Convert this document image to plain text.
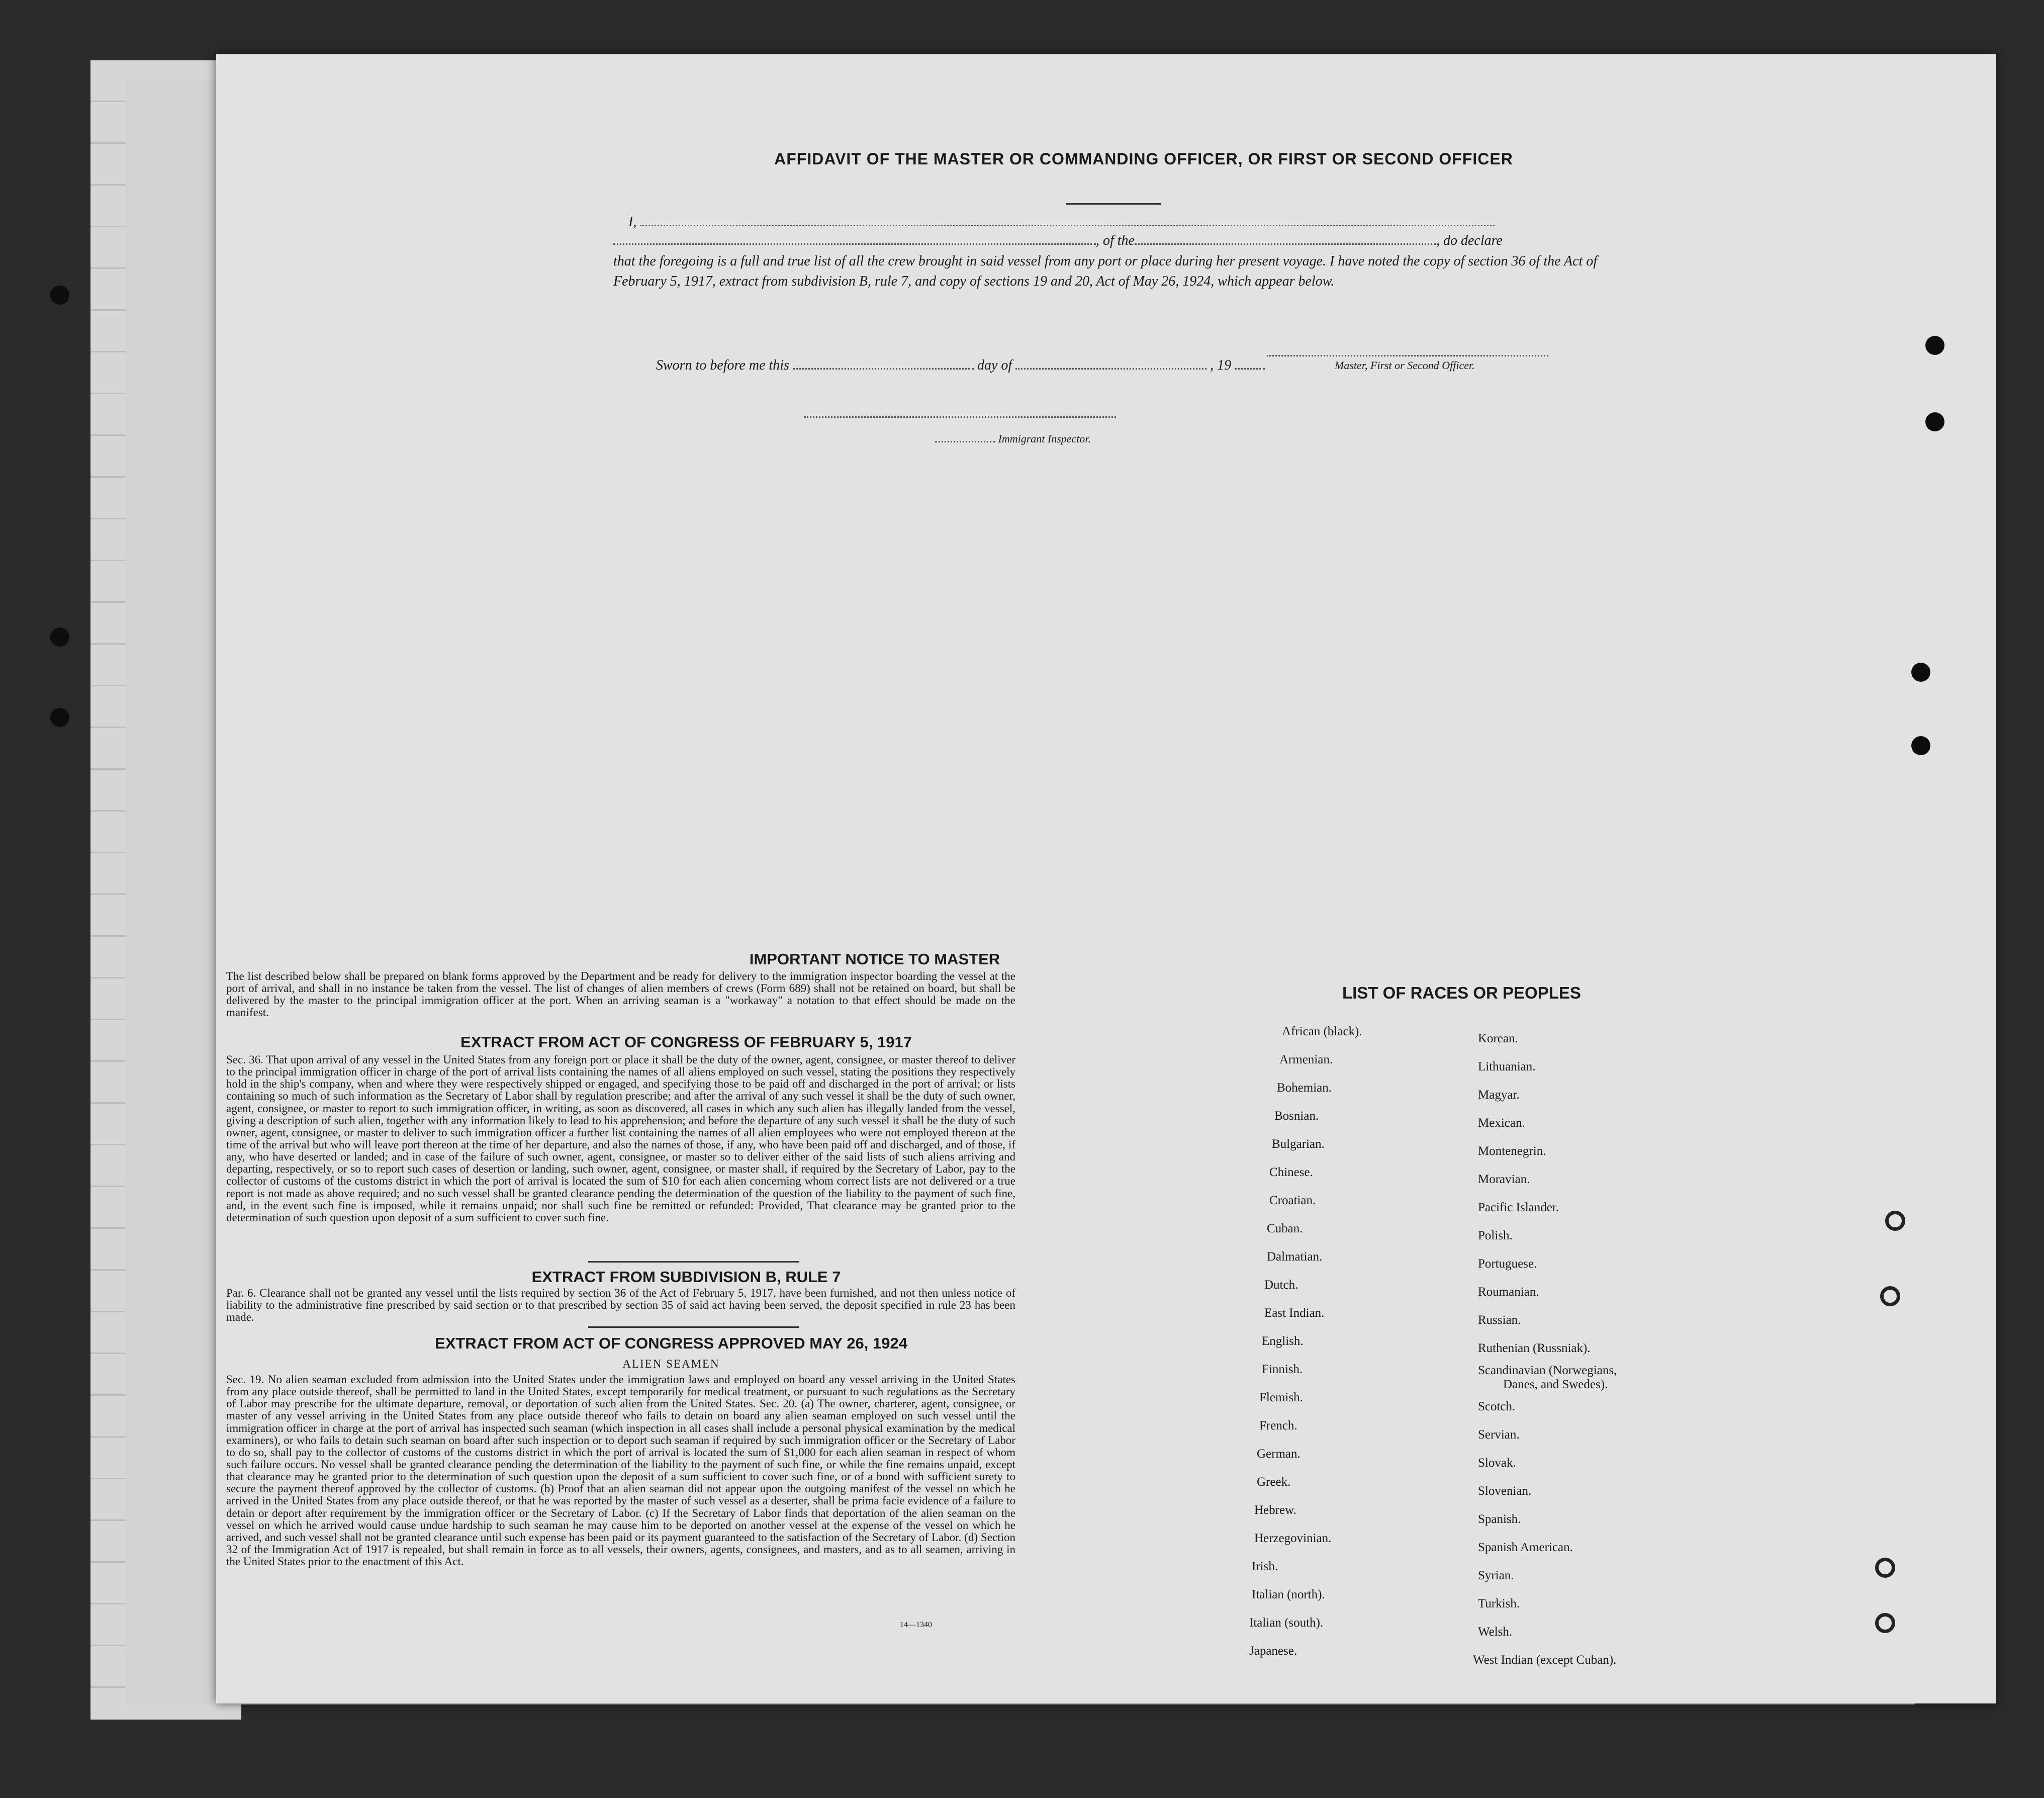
AFFIDAVIT OF THE MASTER OR COMMANDING OFFICER, OR FIRST OR SECOND OFFICER
I,
, of the	, do declare
Sworn to before me this	day of	, 19	Master, First or Second Officer.
Immigrant Inspector.
IMPORTANT NOTICE TO MASTER
The list described below shall be prepared on blank forms approved by the Department and be ready for delivery to the immigration inspector boarding the vessel at the port of arrival, and shall in no instance be taken from the vessel. The list of changes of alien members of crews (Form 689) shall not be retained on board, but shall be delivered by the master to the principal immigration officer at the port. When an arriving seaman is a "workaway" a notation to that effect should be made on the manifest.
EXTRACT FROM ACT OF CONGRESS OF FEBRUARY 5, 1917
Sec. 36. That upon arrival of any vessel in the United States from any foreign port or place it shall be the duty of the owner, agent, consignee, or master thereof to deliver to the principal immigration officer in charge of the port of arrival lists containing the names of all aliens employed on such vessel, stating the positions they respectively hold in the ship's company, when and where they were respectively shipped or engaged, and specifying those to be paid off and discharged in the port of arrival; or lists containing so much of such information as the Secretary of Labor shall by regulation prescribe; and after the arrival of any such vessel it shall be the duty of such owner, agent, consignee, or master to report to such immigration officer, in writing, as soon as discovered, all cases in which any such alien has illegally landed from the vessel, giving a description of such alien, together with any information likely to lead to his apprehension; and before the departure of any such vessel it shall be the duty of such owner, agent, consignee, or master to deliver to such immigration officer a further list containing the names of all alien employees who were not employed thereon at the time of the arrival but who will leave port thereon at the time of her departure, and also the names of those, if any, who have been paid off and discharged, and of those, if any, who have deserted or landed; and in case of the failure of such owner, agent, consignee, or master so to deliver either of the said lists of such aliens arriving and departing, respectively, or so to report such cases of desertion or landing, such owner, agent, consignee, or master shall, if required by the Secretary of Labor, pay to the collector of customs of the customs district in which the port of arrival is located the sum of $10 for each alien concerning whom correct lists are not delivered or a true report is not made as above required; and no such vessel shall be granted clearance pending the determination of the question of the liability to the payment of such fine, and, in the event such fine is imposed, while it remains unpaid; nor shall such fine be remitted or refunded: Provided, That clearance may be granted prior to the determination of such question upon deposit of a sum sufficient to cover such fine.
EXTRACT FROM SUBDIVISION B, RULE 7
Par. 6. Clearance shall not be granted any vessel until the lists required by section 36 of the Act of February 5, 1917, have been furnished, and not then unless notice of liability to the administrative fine prescribed by said section or to that prescribed by section 35 of said act having been served, the deposit specified in rule 23 has been made.
EXTRACT FROM ACT OF CONGRESS APPROVED MAY 26, 1924
ALIEN SEAMEN
Sec. 19. No alien seaman excluded from admission into the United States under the immigration laws and employed on board any vessel arriving in the United States from any place outside thereof, shall be permitted to land in the United States, except temporarily for medical treatment, or pursuant to such regulations as the Secretary of Labor may prescribe for the ultimate departure, removal, or deportation of such alien from the United States. Sec. 20. (a) The owner, charterer, agent, consignee, or master of any vessel arriving in the United States from any place outside thereof who fails to detain on board any alien seaman employed on such vessel until the immigration officer in charge at the port of arrival has inspected such seaman (which inspection in all cases shall include a personal physical examination by the medical examiners), or who fails to detain such seaman on board after such inspection or to deport such seaman if required by such immigration officer or the Secretary of Labor to do so, shall pay to the collector of customs of the customs district in which the port of arrival is located the sum of $1,000 for each alien seaman in respect of whom such failure occurs. No vessel shall be granted clearance pending the determination of the liability to the payment of such fine, or while the fine remains unpaid, except that clearance may be granted prior to the determination of such question upon the deposit of a sum sufficient to cover such fine, or of a bond with sufficient surety to secure the payment thereof approved by the collector of customs. (b) Proof that an alien seaman did not appear upon the outgoing manifest of the vessel on which he arrived in the United States from any place outside thereof, or that he was reported by the master of such vessel as a deserter, shall be prima facie evidence of a failure to detain or deport after requirement by the immigration officer or the Secretary of Labor. (c) If the Secretary of Labor finds that deportation of the alien seaman on the vessel on which he arrived would cause undue hardship to such seaman he may cause him to be deported on another vessel at the expense of the vessel on which he arrived, and such vessel shall not be granted clearance until such expense has been paid or its payment guaranteed to the satisfaction of the Secretary of Labor. (d) Section 32 of the Immigration Act of 1917 is repealed, but shall remain in force as to all vessels, their owners, agents, consignees, and masters, and as to all seamen, arriving in the United States prior to the enactment of this Act.
14—1340
LIST OF RACES OR PEOPLES
African (black).
Armenian.
Bohemian.
Bosnian.
Bulgarian.
Chinese.
Croatian.
Cuban.
Dalmatian.
Dutch.
East Indian.
English.
Finnish.
Flemish.
French.
German.
Greek.
Hebrew.
Herzegovinian.
Irish.
Italian (north).
Italian (south).
Japanese.
Korean.
Lithuanian.
Magyar.
Mexican.
Montenegrin.
Moravian.
Pacific Islander.
Polish.
Portuguese.
Roumanian.
Russian.
Ruthenian (Russniak).
Scandinavian (Norwegians,
Danes, and Swedes).
Scotch.
Servian.
Slovak.
Slovenian.
Spanish.
Spanish American.
Syrian.
Turkish.
Welsh.
West Indian (except Cuban).
that the foregoing is a full and true list of all the crew brought in said vessel from any port or place during her present voyage. I have noted the copy of section 36 of the Act of February 5, 1917, extract from subdivision B, rule 7, and copy of sections 19 and 20, Act of May 26, 1924, which appear below.
